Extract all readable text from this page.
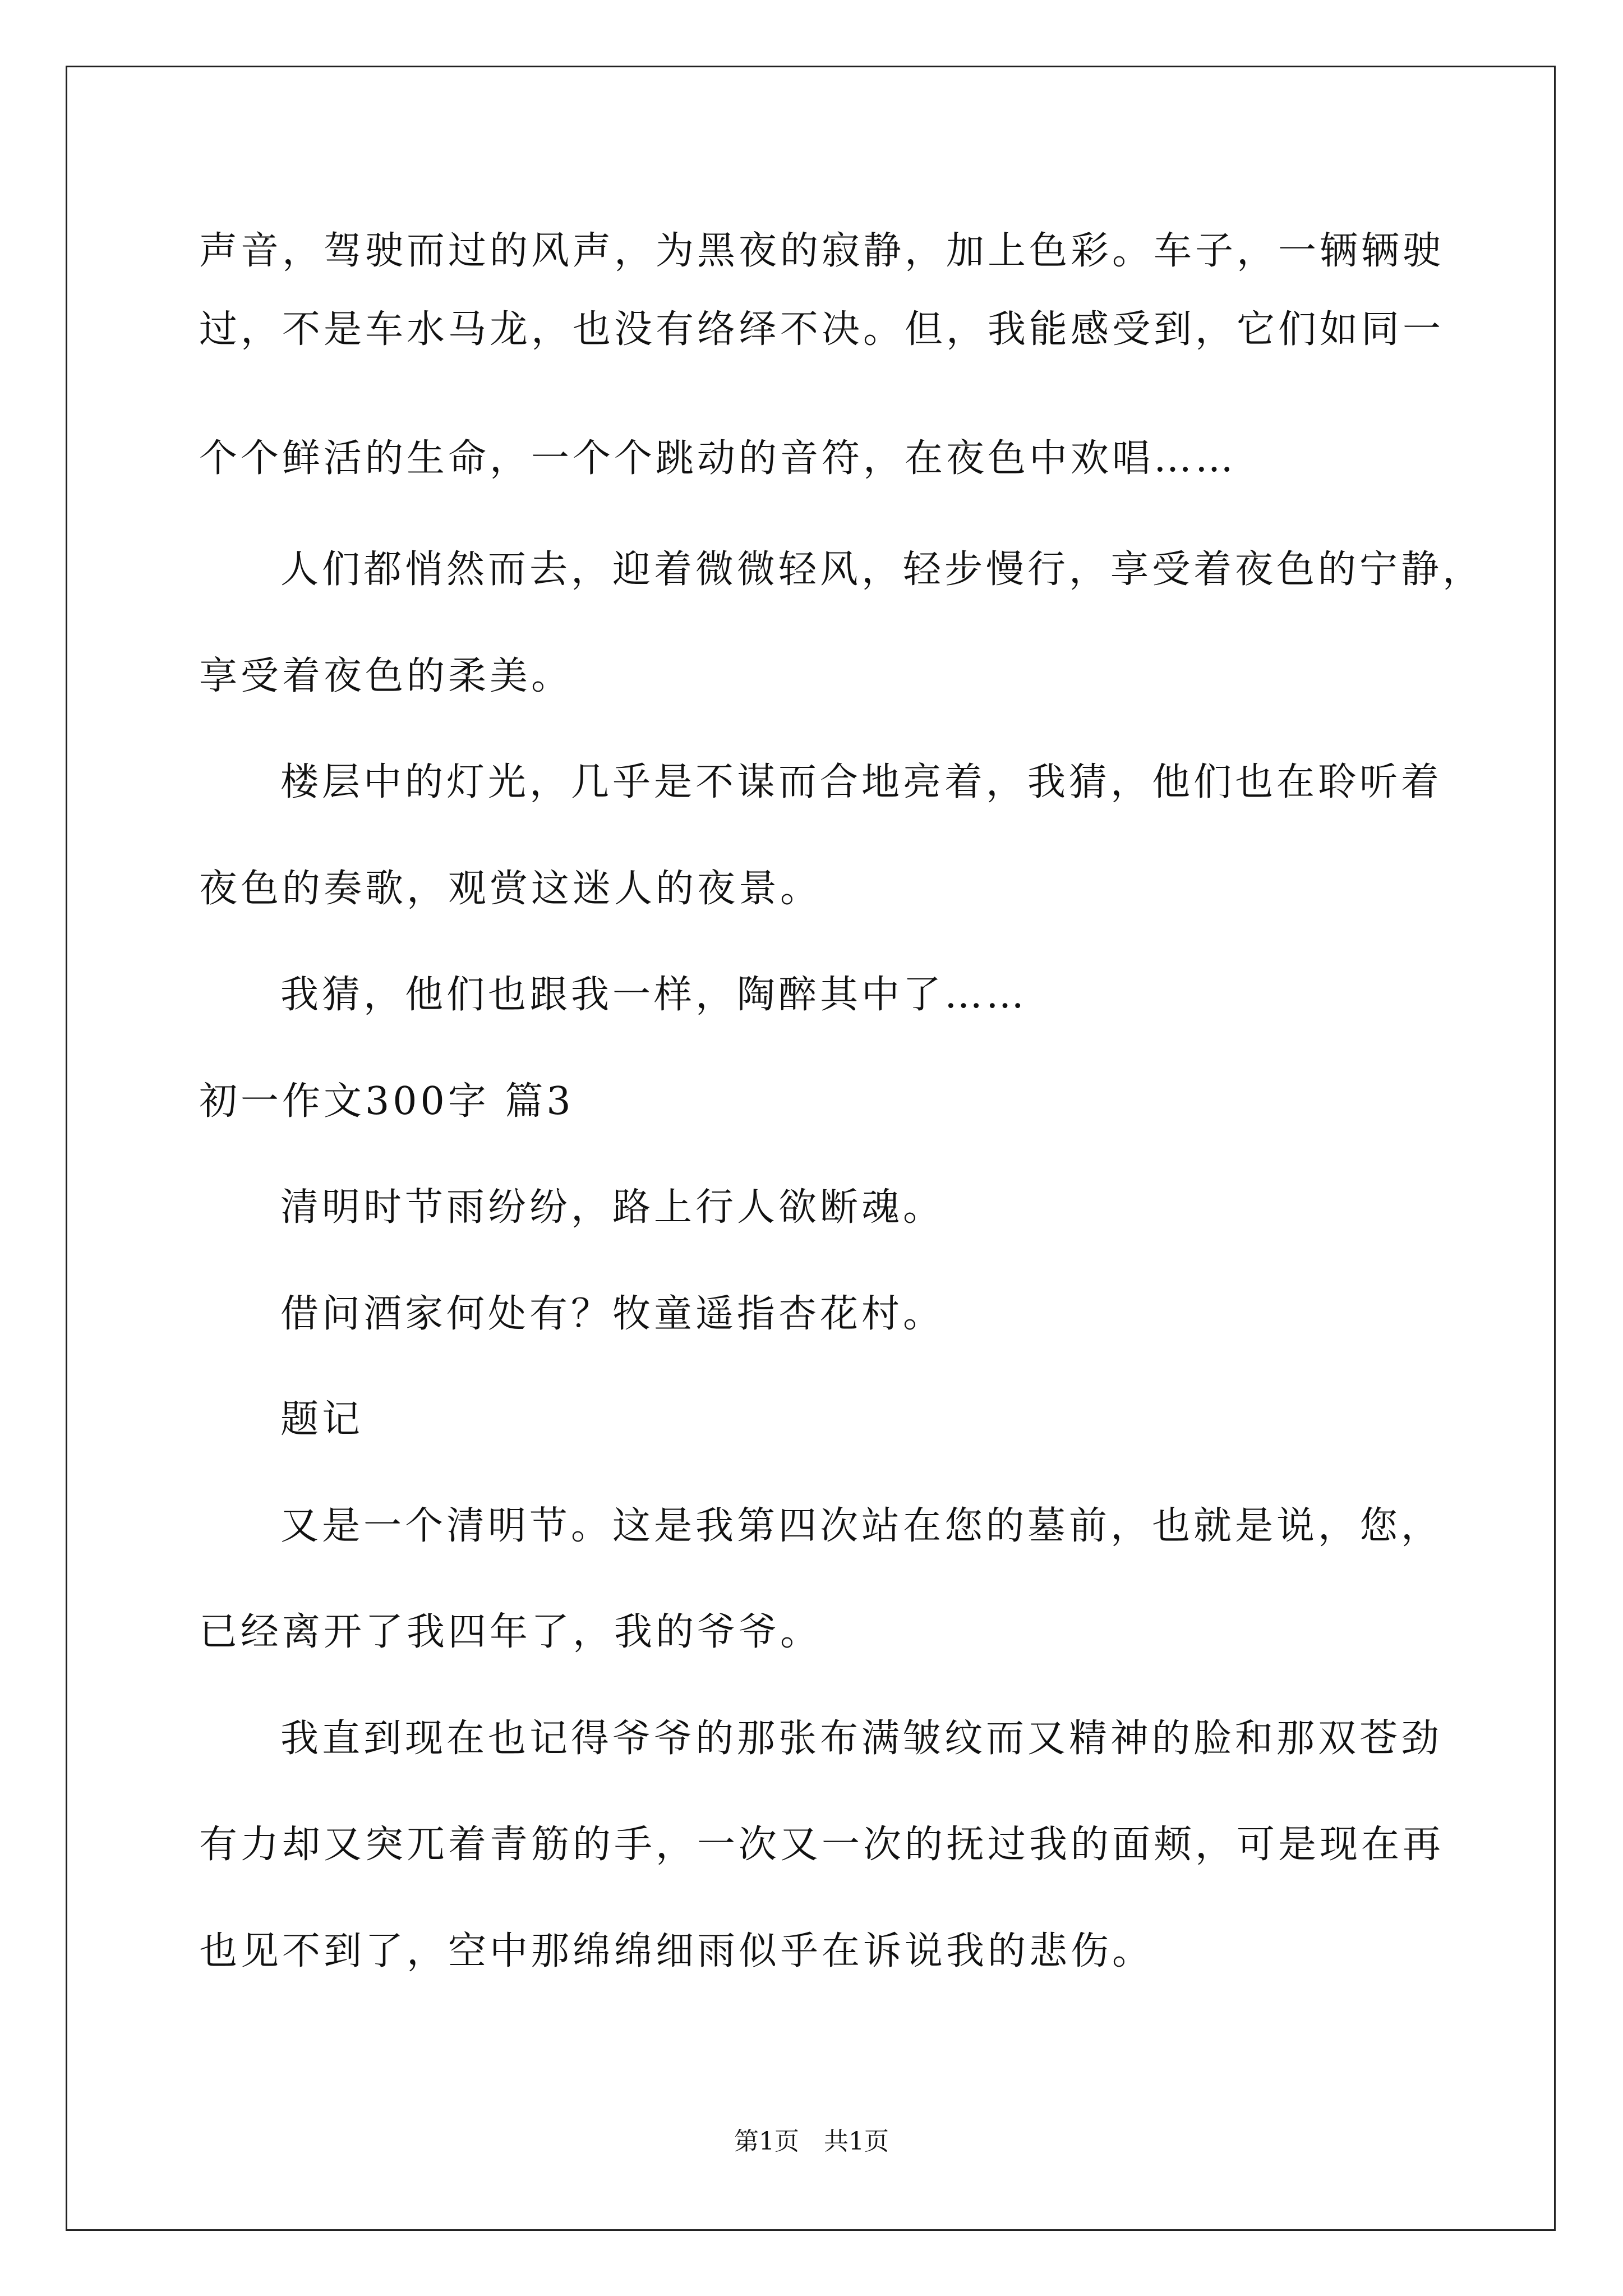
声音，驾驶而过的风声，为黑夜的寂静，加上色彩。车子，一辆辆驶
过，不是车水马龙，也没有络绎不决。但，我能感受到，它们如同一
个个鲜活的生命，一个个跳动的音符，在夜色中欢唱……
人们都悄然而去，迎着微微轻风，轻步慢行，享受着夜色的宁静，
享受着夜色的柔美。
楼层中的灯光，几乎是不谋而合地亮着，我猜，他们也在聆听着
夜色的奏歌，观赏这迷人的夜景。
我猜，他们也跟我一样，陶醉其中了……
初一作文300字 篇3
清明时节雨纷纷，路上行人欲断魂。
借问酒家何处有？牧童遥指杏花村。
题记
又是一个清明节。这是我第四次站在您的墓前，也就是说，您，
已经离开了我四年了，我的爷爷。
我直到现在也记得爷爷的那张布满皱纹而又精神的脸和那双苍劲
有力却又突兀着青筋的手，一次又一次的抚过我的面颊，可是现在再
也见不到了，空中那绵绵细雨似乎在诉说我的悲伤。
第1页　共1页
